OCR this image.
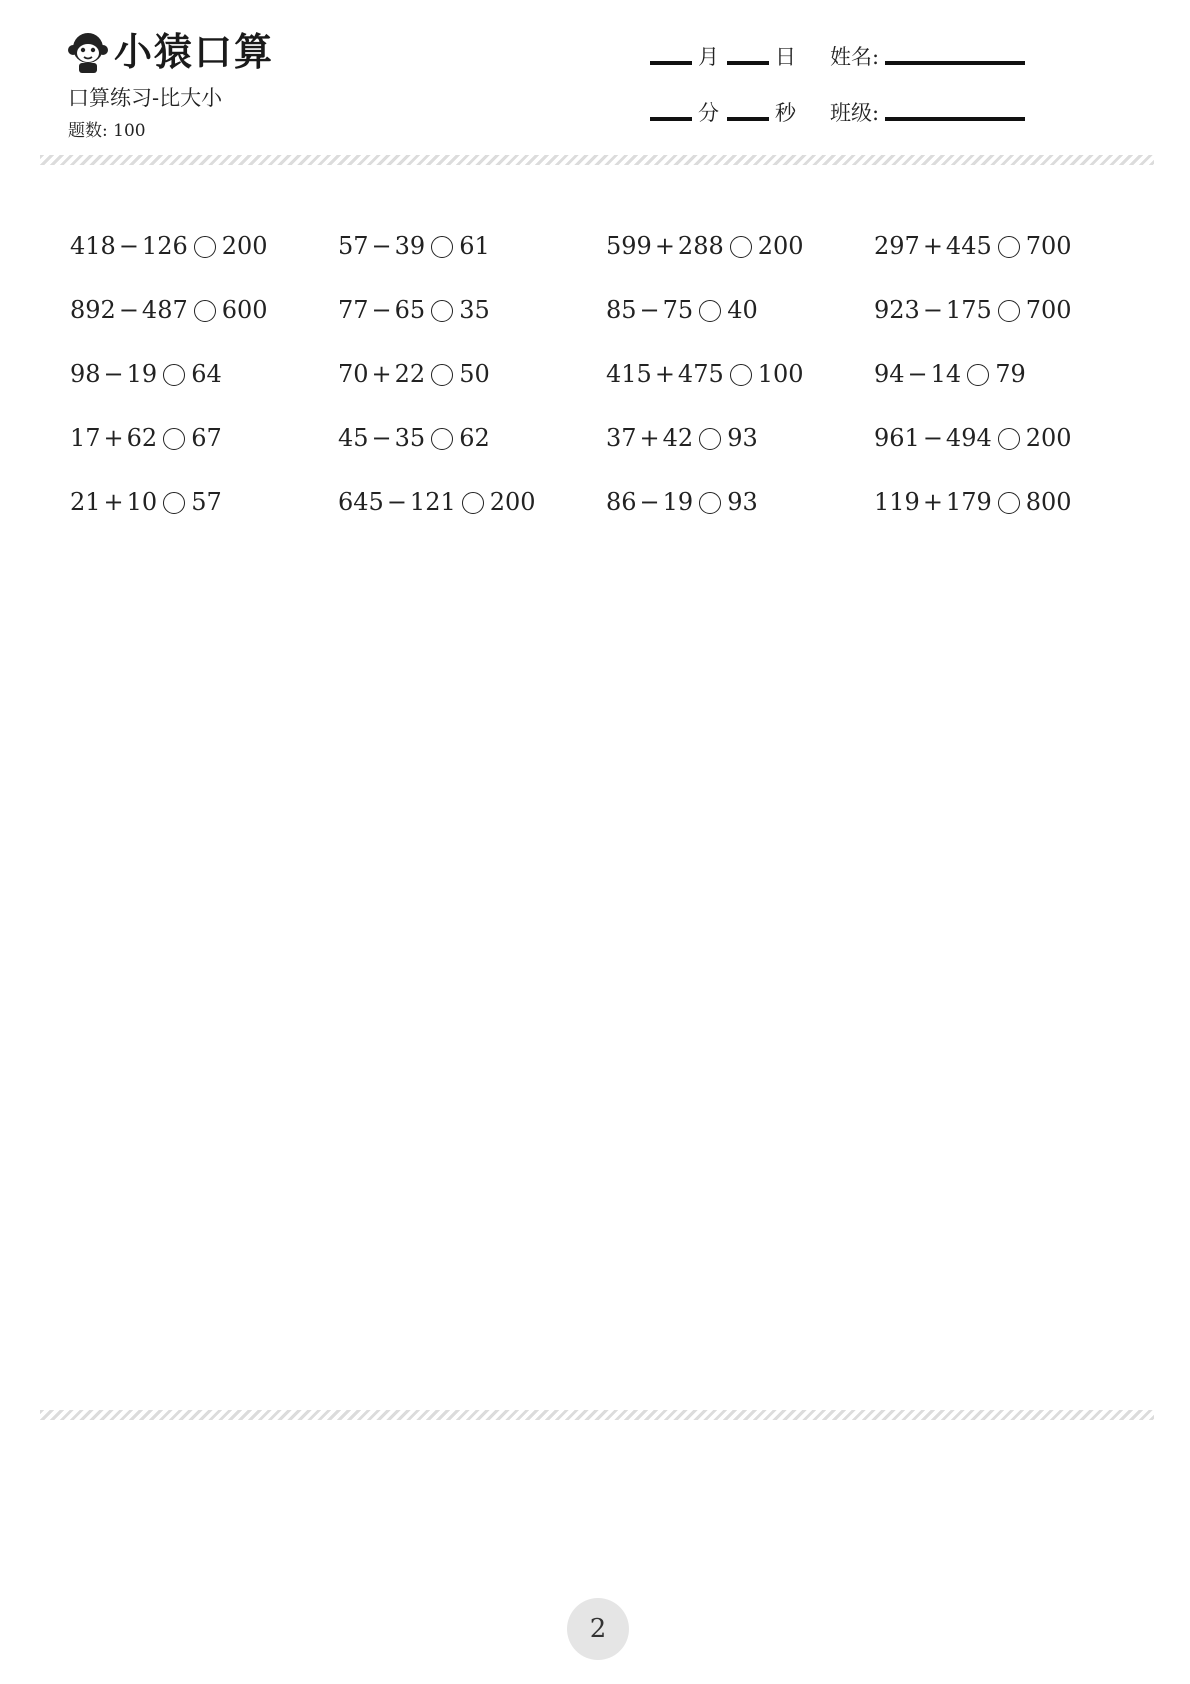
小猿口算
口算练习-比大小
题数: 100
月	日 姓名:
分	秒 班级:
418 − 126 200	57 − 39 61	599 + 288 200	297 + 445 700
892 − 487 600	77 − 65 35	85 − 75 40	923 − 175 700
98 − 19 64	70 + 22 50	415 + 475 100	94 − 14 79
17 + 62 67	45 − 35 62	37 + 42 93	961 − 494 200
21 + 10 57	645 − 121 200	86 − 19 93	119 + 179 800
2
